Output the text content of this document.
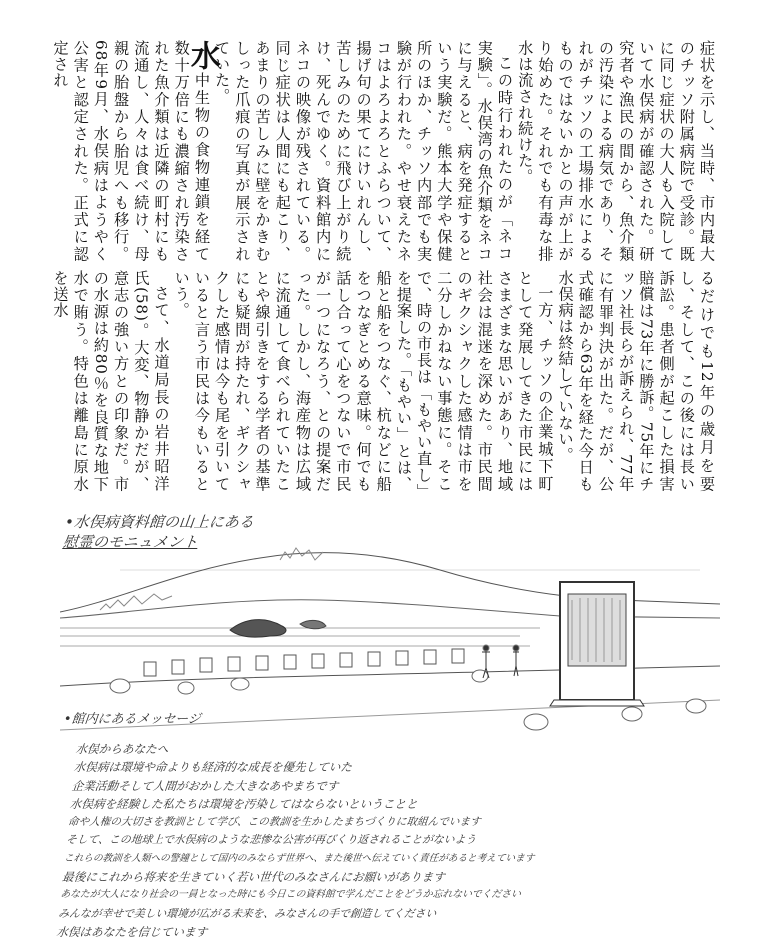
症状を示し、当時、市内最大のチッソ附属病院で受診。既に同じ症状の大人も入院していて水俣病が確認された。研究者や漁民の間から、魚介類の汚染による病気であり、それがチッソの工場排水によるものではないかとの声が上がり始めた。それでも有毒な排水は流され続けた。

この時行われたのが「ネコ実験」。水俣湾の魚介類をネコに与えると、病を発症するという実験だ。熊本大学や保健所のほか、チッソ内部でも実験が行われた。やせ衰えたネコはよろよろとふらついて、揚げ句の果てにけいれんし、苦しみのために飛び上がり続け、死んでゆく。資料館内にネコの映像が残されている。同じ症状は人間にも起こり、あまりの苦しみに壁をかきむしった爪痕の写真が展示されていた。

水中生物の食物連鎖を経て数十万倍にも濃縮され汚染された魚介類は近隣の町村にも流通し、人々は食べ続け、母親の胎盤から胎児へも移行。68年9月、水俣病はようやく公害と認定された。正式に認定され

るだけでも12年の歳月を要し、そして、この後には長い訴訟。患者側が起こした損害賠償は73年に勝訴。75年にチッソ社長らが訴えられ、77年に有罪判決が出た。だが、公式確認から63年を経た今日も水俣病は終結していない。

一方、チッソの企業城下町として発展してきた市民にはさまざまな思いがあり、地域社会は混迷を深めた。市民間のギクシャクした感情は市を二分しかねない事態に。そこで、時の市長は「もやい直し」を提案した。「もやい」とは、船と船をつなぐ、杭などに船をつなぎとめる意味。何でも話し合って心をつないで市民が一つになろう、との提案だった。しかし、海産物は広域に流通して食べられていたことや線引きをする学者の基準にも疑問が持たれ、ギクシャクした感情は今も尾を引いていると言う市民は今もいるという。

さて、水道局長の岩井昭洋氏(58)。大変、物静かだが、意志の強い方との印象だ。市の水源は約80％を良質な地下水で賄う。特色は離島に原水を送水

•水俣病資料館の山上にある
慰霊のモニュメント
•館内にあるメッセージ
水俣からあなたへ
水俣病は環境や命よりも経済的な成長を優先していた
企業活動そして人間がおかした大きなあやまちです
水俣病を経験した私たちは環境を汚染してはならないということと
命や人権の大切さを教訓として学び、この教訓を生かしたまちづくりに取組んでいます
そして、この地球上で水俣病のような悲惨な公害が再びくり返されることがないよう
これらの教訓を人類への警鐘として国内のみならず世界へ、また後世へ伝えていく責任があると考えています
最後にこれから将来を生きていく若い世代のみなさんにお願いがあります
あなたが大人になり社会の一員となった時にも今日この資料館で学んだことをどうか忘れないでください
みんなが幸せで美しい環境が広がる未来を、みなさんの手で創造してください
水俣はあなたを信じています
